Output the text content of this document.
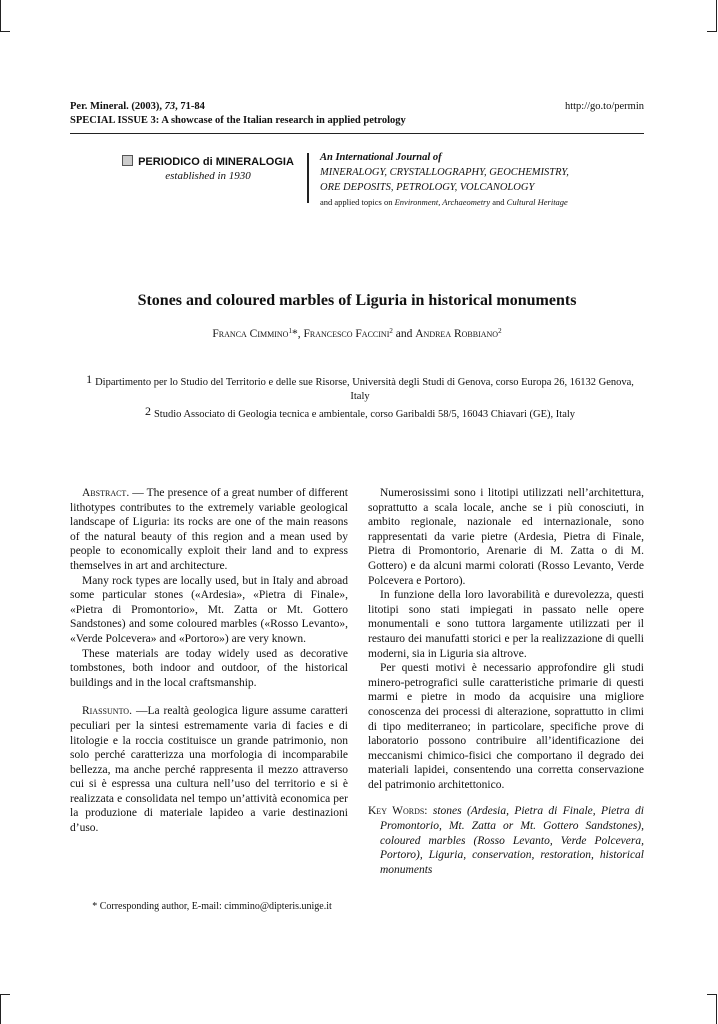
Per. Mineral. (2003), 73, 71-84	http://go.to/permin
SPECIAL ISSUE 3: A showcase of the Italian research in applied petrology
PERIODICO di MINERALOGIA
established in 1930
An International Journal of
MINERALOGY, CRYSTALLOGRAPHY, GEOCHEMISTRY,
ORE DEPOSITS, PETROLOGY, VOLCANOLOGY
and applied topics on Environment, Archaeometry and Cultural Heritage
Stones and coloured marbles of Liguria in historical monuments
Franca Cimmino$^1$*, Francesco Faccini$^2$ and Andrea Robbiano$^2$
$^1$ Dipartimento per lo Studio del Territorio e delle sue Risorse, Università degli Studi di Genova, corso Europa 26, 16132 Genova, Italy
$^2$ Studio Associato di Geologia tecnica e ambientale, corso Garibaldi 58/5, 16043 Chiavari (GE), Italy

Abstract. — The presence of a great number of different lithotypes contributes to the extremely variable geological landscape of Liguria: its rocks are one of the main reasons of the natural beauty of this region and a mean used by people to economically exploit their land and to express themselves in art and architecture.

Many rock types are locally used, but in Italy and abroad some particular stones («Ardesia», «Pietra di Finale», «Pietra di Promontorio», Mt. Zatta or Mt. Gottero Sandstones) and some coloured marbles («Rosso Levanto», «Verde Polcevera» and «Portoro») are very known.

These materials are today widely used as decorative tombstones, both indoor and outdoor, of the historical buildings and in the local craftsmanship.

Riassunto. —La realtà geologica ligure assume caratteri peculiari per la sintesi estremamente varia di facies e di litologie e la roccia costituisce un grande patrimonio, non solo perché caratterizza una morfologia di incomparabile bellezza, ma anche perché rappresenta il mezzo attraverso cui si è espressa una cultura nell’uso del territorio e si è realizzata e consolidata nel tempo un’attività economica per la produzione di materiale lapideo a varie destinazioni d’uso.

Numerosissimi sono i litotipi utilizzati nell’architettura, soprattutto a scala locale, anche se i più conosciuti, in ambito regionale, nazionale ed internazionale, sono rappresentati da varie pietre (Ardesia, Pietra di Finale, Pietra di Promontorio, Arenarie di M. Zatta o di M. Gottero) e da alcuni marmi colorati (Rosso Levanto, Verde Polcevera e Portoro).

In funzione della loro lavorabilità e durevolezza, questi litotipi sono stati impiegati in passato nelle opere monumentali e sono tuttora largamente utilizzati per il restauro dei manufatti storici e per la realizzazione di quelli moderni, sia in Liguria sia altrove.

Per questi motivi è necessario approfondire gli studi minero-petrografici sulle caratteristiche primarie di questi marmi e pietre in modo da acquisire una migliore conoscenza dei processi di alterazione, soprattutto in climi di tipo mediterraneo; in particolare, specifiche prove di laboratorio possono contribuire all’identificazione dei meccanismi chimico-fisici che comportano il degrado dei materiali lapidei, consentendo una corretta conservazione del patrimonio architettonico.

Key Words: stones (Ardesia, Pietra di Finale, Pietra di Promontorio, Mt. Zatta or Mt. Gottero Sandstones), coloured marbles (Rosso Levanto, Verde Polcevera, Portoro), Liguria, conservation, restoration, historical monuments
* Corresponding author, E-mail: cimmino@dipteris.unige.it
